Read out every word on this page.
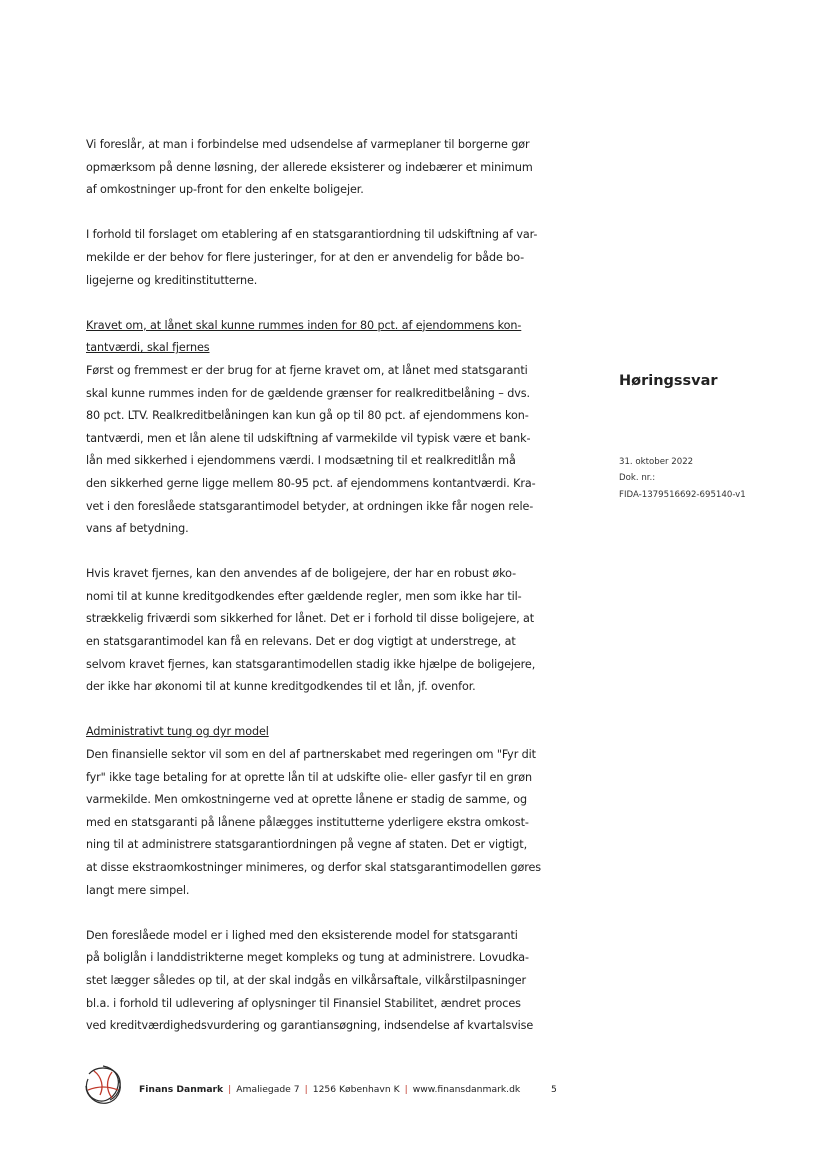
Vi foreslår, at man i forbindelse med udsendelse af varmeplaner til borgerne gør
opmærksom på denne løsning, der allerede eksisterer og indebærer et minimum
af omkostninger up-front for den enkelte boligejer.

I forhold til forslaget om etablering af en statsgarantiordning til udskiftning af var-
mekilde er der behov for flere justeringer, for at den er anvendelig for både bo-
ligejerne og kreditinstitutterne.

Kravet om, at lånet skal kunne rummes inden for 80 pct. af ejendommens kon-
tantværdi, skal fjernes
Først og fremmest er der brug for at fjerne kravet om, at lånet med statsgaranti
skal kunne rummes inden for de gældende grænser for realkreditbelåning – dvs.
80 pct. LTV. Realkreditbelåningen kan kun gå op til 80 pct. af ejendommens kon-
tantværdi, men et lån alene til udskiftning af varmekilde vil typisk være et bank-
lån med sikkerhed i ejendommens værdi. I modsætning til et realkreditlån må
den sikkerhed gerne ligge mellem 80-95 pct. af ejendommens kontantværdi. Kra-
vet i den foreslåede statsgarantimodel betyder, at ordningen ikke får nogen rele-
vans af betydning.

Hvis kravet fjernes, kan den anvendes af de boligejere, der har en robust øko-
nomi til at kunne kreditgodkendes efter gældende regler, men som ikke har til-
strækkelig friværdi som sikkerhed for lånet. Det er i forhold til disse boligejere, at
en statsgarantimodel kan få en relevans. Det er dog vigtigt at understrege, at
selvom kravet fjernes, kan statsgarantimodellen stadig ikke hjælpe de boligejere,
der ikke har økonomi til at kunne kreditgodkendes til et lån, jf. ovenfor.

Administrativt tung og dyr model
Den finansielle sektor vil som en del af partnerskabet med regeringen om "Fyr dit
fyr" ikke tage betaling for at oprette lån til at udskifte olie- eller gasfyr til en grøn
varmekilde. Men omkostningerne ved at oprette lånene er stadig de samme, og
med en statsgaranti på lånene pålægges institutterne yderligere ekstra omkost-
ning til at administrere statsgarantiordningen på vegne af staten. Det er vigtigt,
at disse ekstraomkostninger minimeres, og derfor skal statsgarantimodellen gøres
langt mere simpel.

Den foreslåede model er i lighed med den eksisterende model for statsgaranti
på boliglån i landdistrikterne meget kompleks og tung at administrere. Lovudka-
stet lægger således op til, at der skal indgås en vilkårsaftale, vilkårstilpasninger
bl.a. i forhold til udlevering af oplysninger til Finansiel Stabilitet, ændret proces
ved kreditværdighedsvurdering og garantiansøgning, indsendelse af kvartalsvise

Høringssvar
31. oktober 2022
Dok. nr.:
FIDA-1379516692-695140-v1
Finans Danmark | Amaliegade 7 | 1256 København K | www.finansdanmark.dk	5
